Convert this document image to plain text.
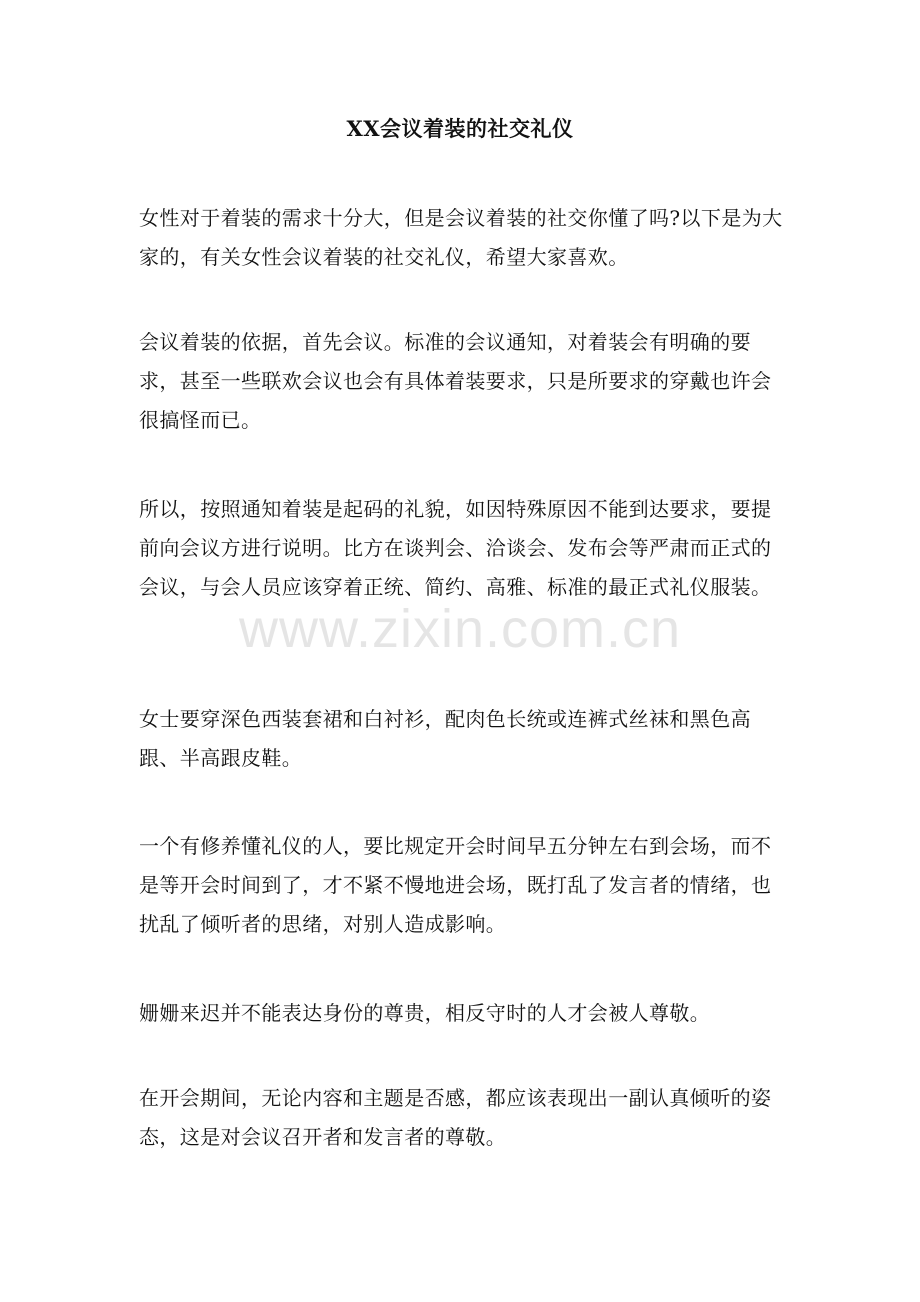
XX会议着装的社交礼仪

女性对于着装的需求十分大，但是会议着装的社交你懂了吗?以下是为大家的，有关女性会议着装的社交礼仪，希望大家喜欢。

会议着装的依据，首先会议。标准的会议通知，对着装会有明确的要求，甚至一些联欢会议也会有具体着装要求，只是所要求的穿戴也许会很搞怪而已。

所以，按照通知着装是起码的礼貌，如因特殊原因不能到达要求，要提前向会议方进行说明。比方在谈判会、洽谈会、发布会等严肃而正式的会议，与会人员应该穿着正统、简约、高雅、标准的最正式礼仪服装。

女士要穿深色西装套裙和白衬衫，配肉色长统或连裤式丝袜和黑色高跟、半高跟皮鞋。

一个有修养懂礼仪的人，要比规定开会时间早五分钟左右到会场，而不是等开会时间到了，才不紧不慢地进会场，既打乱了发言者的情绪，也扰乱了倾听者的思绪，对别人造成影响。

姗姗来迟并不能表达身份的尊贵，相反守时的人才会被人尊敬。

在开会期间，无论内容和主题是否感，都应该表现出一副认真倾听的姿态，这是对会议召开者和发言者的尊敬。

www.zixin.com.cn
